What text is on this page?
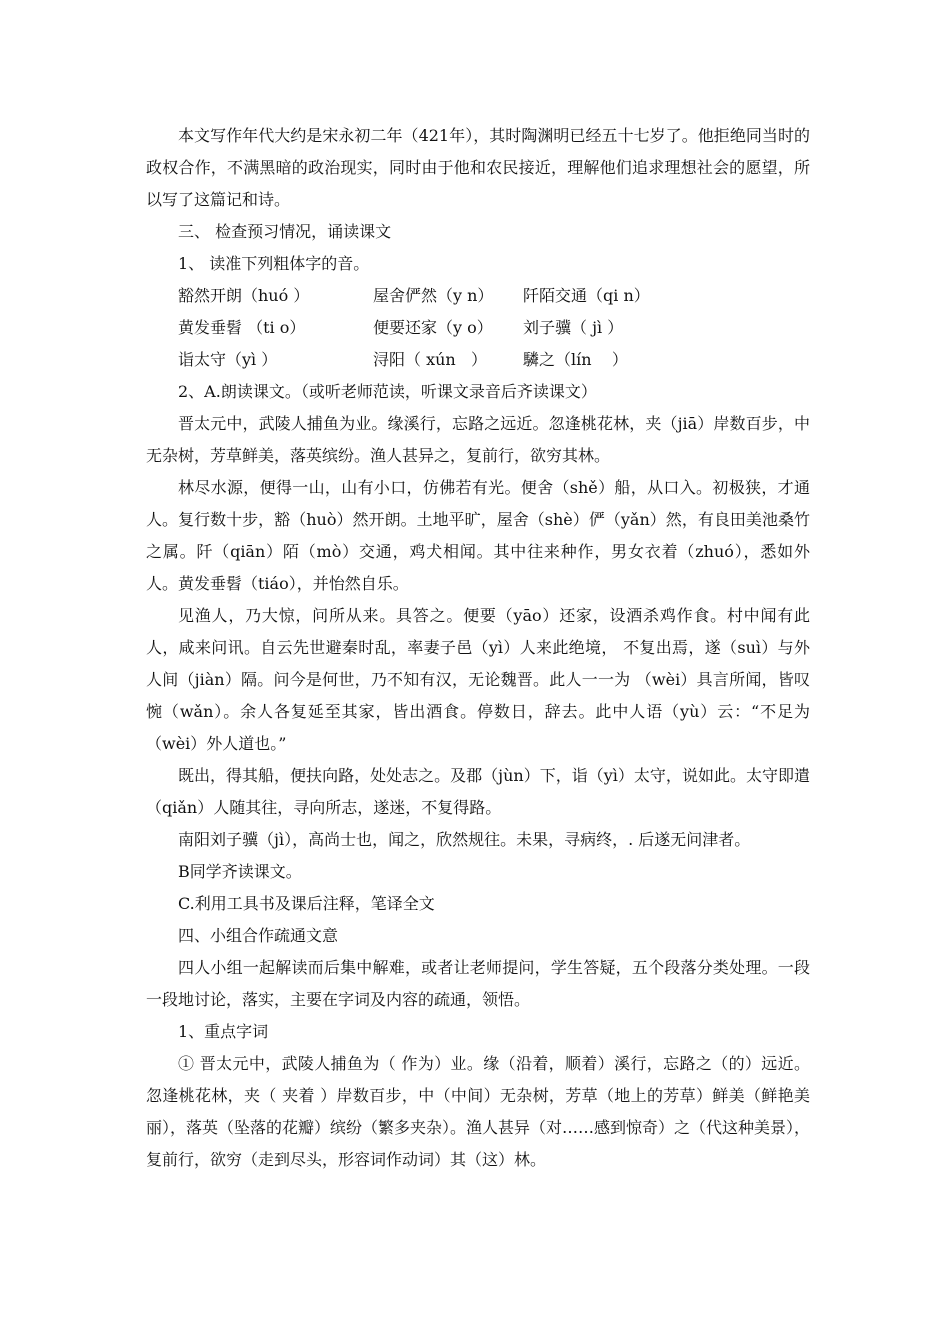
本文写作年代大约是宋永初二年（421年），其时陶渊明已经五十七岁了。他拒绝同当时的政权合作，不满黑暗的政治现实，同时由于他和农民接近，理解他们追求理想社会的愿望，所以写了这篇记和诗。

三、 检查预习情况，诵读课文

1、 读准下列粗体字的音。

豁然开朗（huó ）	屋舍俨然（y n） 阡陌交通（qi n）
黄发垂髫 （ti o）	便要还家（y o） 刘子骥（ jì ）
诣太守（yì ）	浔阳（ xún   ） 驎之（lín    ）

2、A.朗读课文。（或听老师范读，听课文录音后齐读课文）

晋太元中，武陵人捕鱼为业。缘溪行，忘路之远近。忽逢桃花林，夹（jiā）岸数百步，中无杂树，芳草鲜美，落英缤纷。渔人甚异之，复前行，欲穷其林。

林尽水源，便得一山，山有小口，仿佛若有光。便舍（shě）船，从口入。初极狭，才通人。复行数十步，豁（huò）然开朗。土地平旷，屋舍（shè）俨（yǎn）然，有良田美池桑竹之属。阡（qiān）陌（mò）交通，鸡犬相闻。其中往来种作，男女衣着（zhuó），悉如外人。黄发垂髫（tiáo），并怡然自乐。

见渔人，乃大惊，问所从来。具答之。便要（yāo）还家，设酒杀鸡作食。村中闻有此人，咸来问讯。自云先世避秦时乱，率妻子邑（yì）人来此绝境， 不复出焉，遂（suì）与外人间（jiàn）隔。问今是何世，乃不知有汉，无论魏晋。此人一一为 （wèi）具言所闻，皆叹惋（wǎn）。余人各复延至其家，皆出酒食。停数日，辞去。此中人语（yù）云：“不足为（wèi）外人道也。”

既出，得其船，便扶向路，处处志之。及郡（jùn）下，诣（yì）太守，说如此。太守即遣（qiǎn）人随其往，寻向所志，遂迷，不复得路。

南阳刘子骥（jì），高尚士也，闻之，欣然规往。未果，寻病终，. 后遂无问津者。

B同学齐读课文。

C.利用工具书及课后注释，笔译全文

四、小组合作疏通文意

四人小组一起解读而后集中解难，或者让老师提问，学生答疑，五个段落分类处理。一段一段地讨论，落实，主要在字词及内容的疏通，领悟。

1、重点字词

① 晋太元中，武陵人捕鱼为（ 作为）业。缘（沿着，顺着）溪行，忘路之（的）远近。忽逢桃花林，夹（ 夹着 ）岸数百步，中（中间）无杂树，芳草（地上的芳草）鲜美（鲜艳美丽），落英（坠落的花瓣）缤纷（繁多夹杂）。渔人甚异（对……感到惊奇）之（代这种美景），复前行，欲穷（走到尽头，形容词作动词）其（这）林。
